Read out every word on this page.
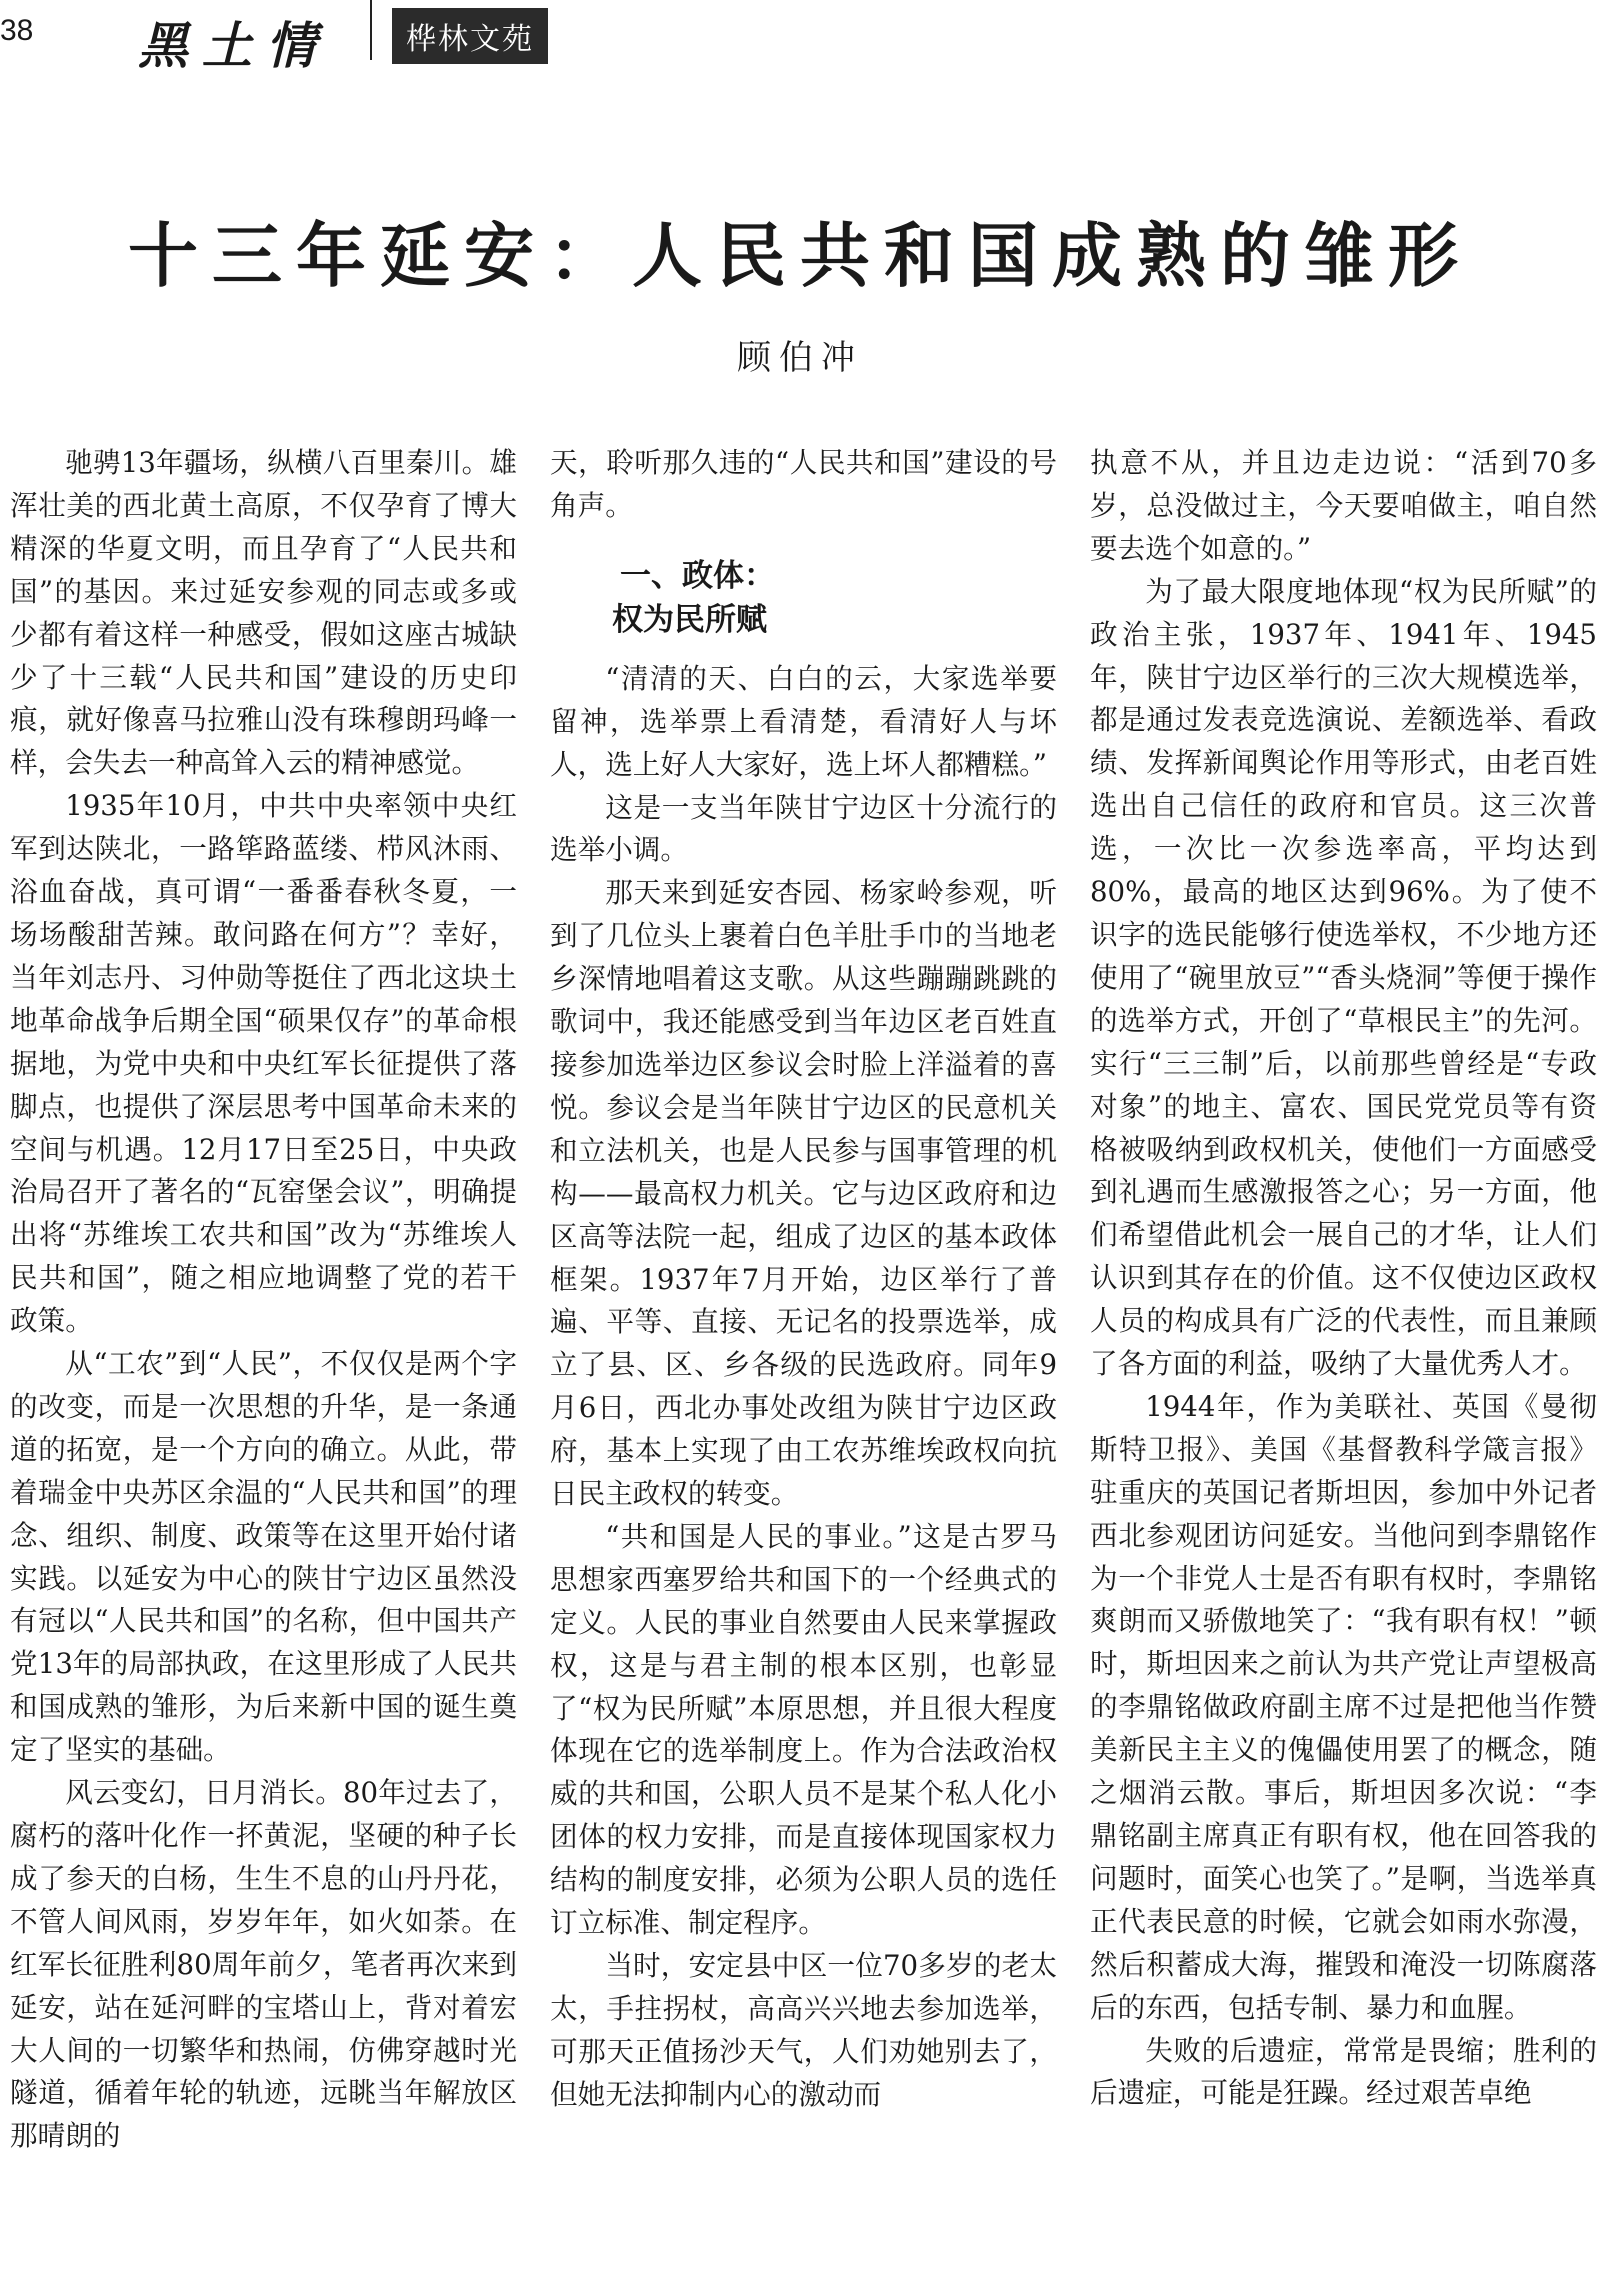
38 黑土情	桦林文苑
十三年延安：人民共和国成熟的雏形
顾伯冲

驰骋13年疆场，纵横八百里秦川。雄浑壮美的西北黄土高原，不仅孕育了博大精深的华夏文明，而且孕育了“人民共和国”的基因。来过延安参观的同志或多或少都有着这样一种感受，假如这座古城缺少了十三载“人民共和国”建设的历史印痕，就好像喜马拉雅山没有珠穆朗玛峰一样，会失去一种高耸入云的精神感觉。

1935年10月，中共中央率领中央红军到达陕北，一路筚路蓝缕、栉风沐雨、浴血奋战，真可谓“一番番春秋冬夏，一场场酸甜苦辣。敢问路在何方”？幸好，当年刘志丹、习仲勋等挺住了西北这块土地革命战争后期全国“硕果仅存”的革命根据地，为党中央和中央红军长征提供了落脚点，也提供了深层思考中国革命未来的空间与机遇。12月17日至25日，中央政治局召开了著名的“瓦窑堡会议”，明确提出将“苏维埃工农共和国”改为“苏维埃人民共和国”，随之相应地调整了党的若干政策。

从“工农”到“人民”，不仅仅是两个字的改变，而是一次思想的升华，是一条通道的拓宽，是一个方向的确立。从此，带着瑞金中央苏区余温的“人民共和国”的理念、组织、制度、政策等在这里开始付诸实践。以延安为中心的陕甘宁边区虽然没有冠以“人民共和国”的名称，但中国共产党13年的局部执政，在这里形成了人民共和国成熟的雏形，为后来新中国的诞生奠定了坚实的基础。

风云变幻，日月消长。80年过去了，腐朽的落叶化作一抔黄泥，坚硬的种子长成了参天的白杨，生生不息的山丹丹花，不管人间风雨，岁岁年年，如火如荼。在红军长征胜利80周年前夕，笔者再次来到延安，站在延河畔的宝塔山上，背对着宏大人间的一切繁华和热闹，仿佛穿越时光隧道，循着年轮的轨迹，远眺当年解放区那晴朗的

天，聆听那久违的“人民共和国”建设的号角声。

一、政体：
权为民所赋

“清清的天、白白的云，大家选举要留神，选举票上看清楚，看清好人与坏人，选上好人大家好，选上坏人都糟糕。”

这是一支当年陕甘宁边区十分流行的选举小调。

那天来到延安杏园、杨家岭参观，听到了几位头上裹着白色羊肚手巾的当地老乡深情地唱着这支歌。从这些蹦蹦跳跳的歌词中，我还能感受到当年边区老百姓直接参加选举边区参议会时脸上洋溢着的喜悦。参议会是当年陕甘宁边区的民意机关和立法机关，也是人民参与国事管理的机构——最高权力机关。它与边区政府和边区高等法院一起，组成了边区的基本政体框架。1937年7月开始，边区举行了普遍、平等、直接、无记名的投票选举，成立了县、区、乡各级的民选政府。同年9月6日，西北办事处改组为陕甘宁边区政府，基本上实现了由工农苏维埃政权向抗日民主政权的转变。

“共和国是人民的事业。”这是古罗马思想家西塞罗给共和国下的一个经典式的定义。人民的事业自然要由人民来掌握政权，这是与君主制的根本区别，也彰显了“权为民所赋”本原思想，并且很大程度体现在它的选举制度上。作为合法政治权威的共和国，公职人员不是某个私人化小团体的权力安排，而是直接体现国家权力结构的制度安排，必须为公职人员的选任订立标准、制定程序。

当时，安定县中区一位70多岁的老太太，手拄拐杖，高高兴兴地去参加选举，可那天正值扬沙天气，人们劝她别去了，但她无法抑制内心的激动而

执意不从，并且边走边说：“活到70多岁，总没做过主，今天要咱做主，咱自然要去选个如意的。”

为了最大限度地体现“权为民所赋”的政治主张，1937年、1941年、1945年，陕甘宁边区举行的三次大规模选举，都是通过发表竞选演说、差额选举、看政绩、发挥新闻舆论作用等形式，由老百姓选出自己信任的政府和官员。这三次普选，一次比一次参选率高，平均达到80%，最高的地区达到96%。为了使不识字的选民能够行使选举权，不少地方还使用了“碗里放豆”“香头烧洞”等便于操作的选举方式，开创了“草根民主”的先河。实行“三三制”后，以前那些曾经是“专政对象”的地主、富农、国民党党员等有资格被吸纳到政权机关，使他们一方面感受到礼遇而生感激报答之心；另一方面，他们希望借此机会一展自己的才华，让人们认识到其存在的价值。这不仅使边区政权人员的构成具有广泛的代表性，而且兼顾了各方面的利益，吸纳了大量优秀人才。

1944年，作为美联社、英国《曼彻斯特卫报》、美国《基督教科学箴言报》驻重庆的英国记者斯坦因，参加中外记者西北参观团访问延安。当他问到李鼎铭作为一个非党人士是否有职有权时，李鼎铭爽朗而又骄傲地笑了：“我有职有权！”顿时，斯坦因来之前认为共产党让声望极高的李鼎铭做政府副主席不过是把他当作赞美新民主主义的傀儡使用罢了的概念，随之烟消云散。事后，斯坦因多次说：“李鼎铭副主席真正有职有权，他在回答我的问题时，面笑心也笑了。”是啊，当选举真正代表民意的时候，它就会如雨水弥漫，然后积蓄成大海，摧毁和淹没一切陈腐落后的东西，包括专制、暴力和血腥。

失败的后遗症，常常是畏缩；胜利的后遗症，可能是狂躁。经过艰苦卓绝
